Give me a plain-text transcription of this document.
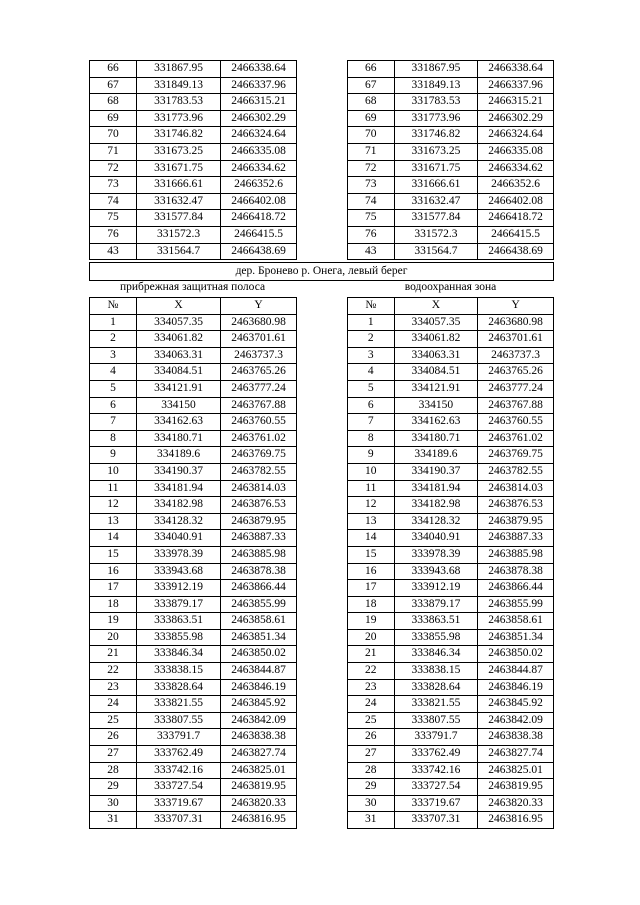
66	331867.95	2466338.64
67	331849.13	2466337.96
68	331783.53	2466315.21
69	331773.96	2466302.29
70	331746.82	2466324.64
71	331673.25	2466335.08
72	331671.75	2466334.62
73	331666.61	2466352.6
74	331632.47	2466402.08
75	331577.84	2466418.72
76	331572.3	2466415.5
43	331564.7	2466438.69
66	331867.95	2466338.64
67	331849.13	2466337.96
68	331783.53	2466315.21
69	331773.96	2466302.29
70	331746.82	2466324.64
71	331673.25	2466335.08
72	331671.75	2466334.62
73	331666.61	2466352.6
74	331632.47	2466402.08
75	331577.84	2466418.72
76	331572.3	2466415.5
43	331564.7	2466438.69
дер. Бронево р. Онега, левый берег
прибрежная защитная полоса	водоохранная зона
№	X	Y
1	334057.35	2463680.98
2	334061.82	2463701.61
3	334063.31	2463737.3
4	334084.51	2463765.26
5	334121.91	2463777.24
6	334150	2463767.88
7	334162.63	2463760.55
8	334180.71	2463761.02
9	334189.6	2463769.75
10	334190.37	2463782.55
11	334181.94	2463814.03
12	334182.98	2463876.53
13	334128.32	2463879.95
14	334040.91	2463887.33
15	333978.39	2463885.98
16	333943.68	2463878.38
17	333912.19	2463866.44
18	333879.17	2463855.99
19	333863.51	2463858.61
20	333855.98	2463851.34
21	333846.34	2463850.02
22	333838.15	2463844.87
23	333828.64	2463846.19
24	333821.55	2463845.92
25	333807.55	2463842.09
26	333791.7	2463838.38
27	333762.49	2463827.74
28	333742.16	2463825.01
29	333727.54	2463819.95
30	333719.67	2463820.33
31	333707.31	2463816.95
№	X	Y
1	334057.35	2463680.98
2	334061.82	2463701.61
3	334063.31	2463737.3
4	334084.51	2463765.26
5	334121.91	2463777.24
6	334150	2463767.88
7	334162.63	2463760.55
8	334180.71	2463761.02
9	334189.6	2463769.75
10	334190.37	2463782.55
11	334181.94	2463814.03
12	334182.98	2463876.53
13	334128.32	2463879.95
14	334040.91	2463887.33
15	333978.39	2463885.98
16	333943.68	2463878.38
17	333912.19	2463866.44
18	333879.17	2463855.99
19	333863.51	2463858.61
20	333855.98	2463851.34
21	333846.34	2463850.02
22	333838.15	2463844.87
23	333828.64	2463846.19
24	333821.55	2463845.92
25	333807.55	2463842.09
26	333791.7	2463838.38
27	333762.49	2463827.74
28	333742.16	2463825.01
29	333727.54	2463819.95
30	333719.67	2463820.33
31	333707.31	2463816.95
